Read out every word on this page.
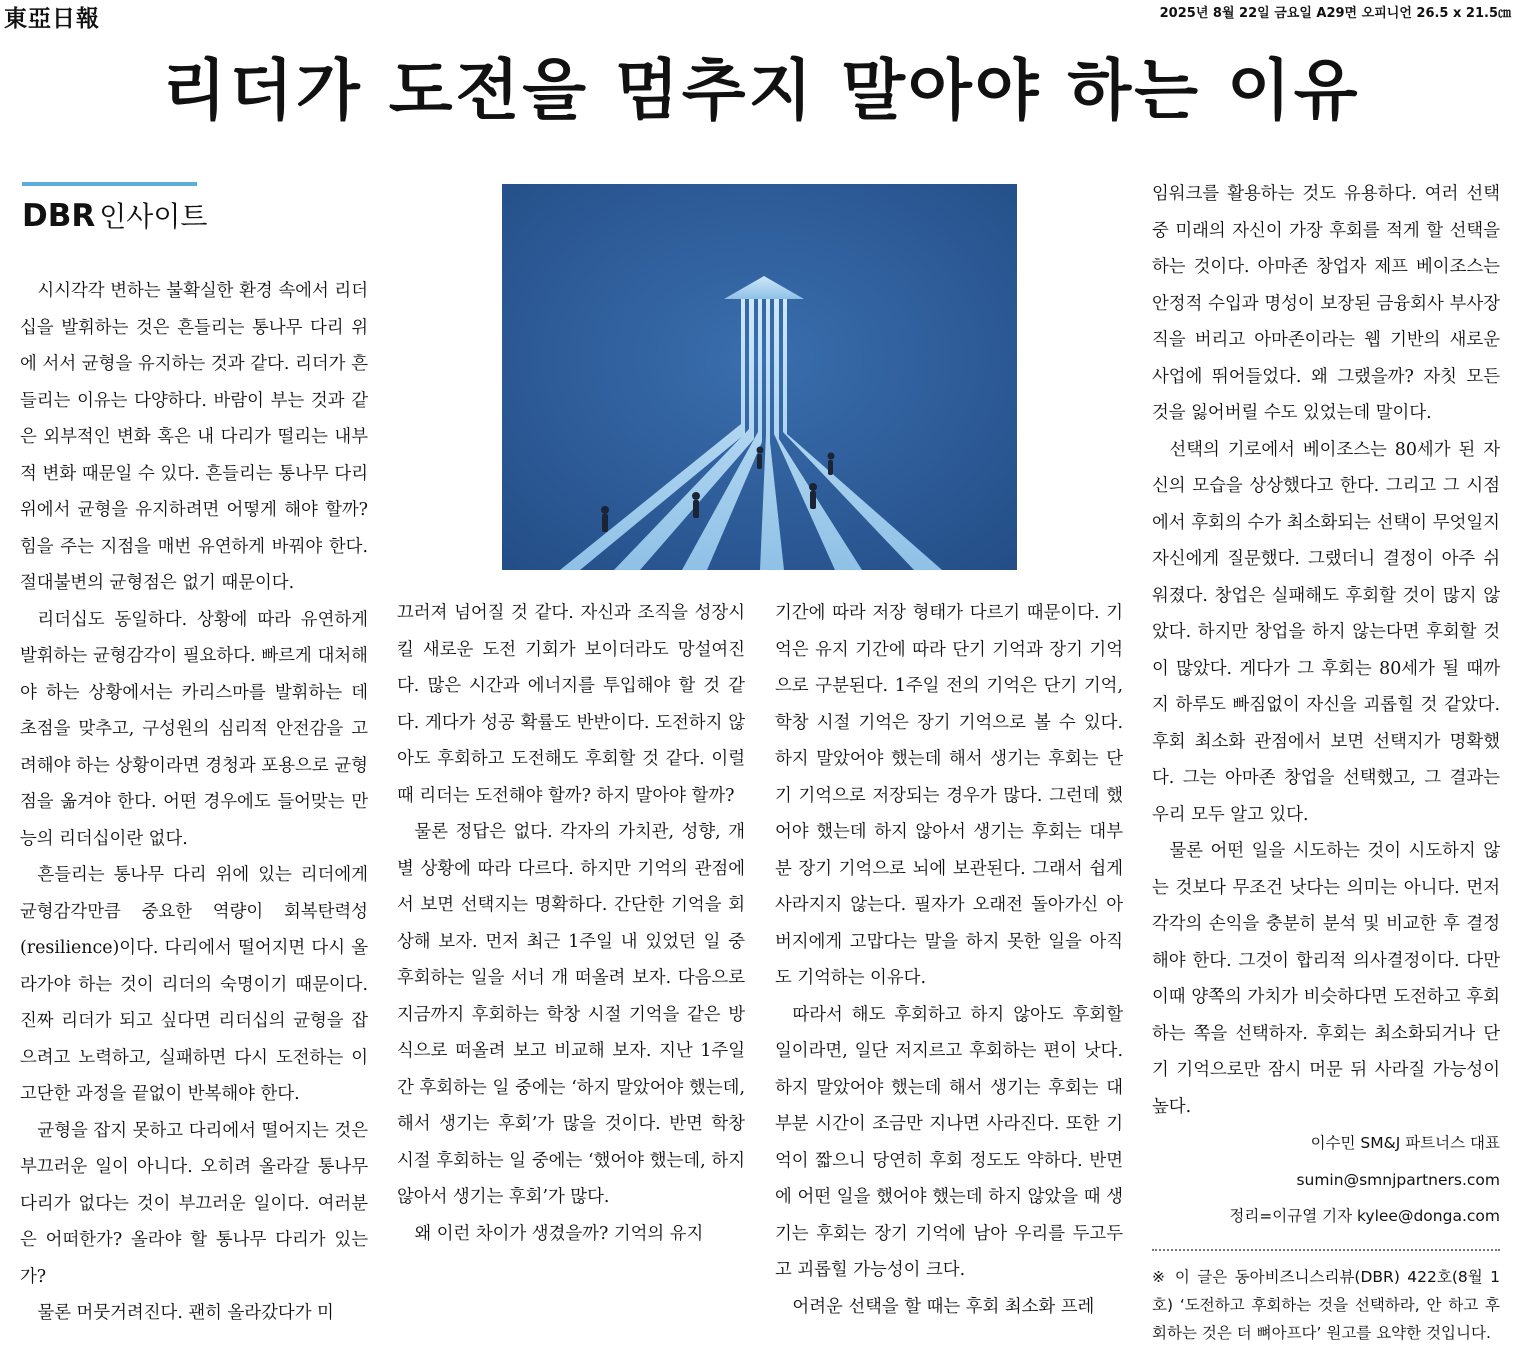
東亞日報	2025년 8월 22일 금요일 A29면 오피니언 26.5 x 21.5㎝
리더가 도전을 멈추지 말아야 하는 이유
DBR 인사이트

시시각각 변하는 불확실한 환경 속에서 리더십을 발휘하는 것은 흔들리는 통나무 다리 위에 서서 균형을 유지하는 것과 같다. 리더가 흔들리는 이유는 다양하다. 바람이 부는 것과 같은 외부적인 변화 혹은 내 다리가 떨리는 내부적 변화 때문일 수 있다. 흔들리는 통나무 다리 위에서 균형을 유지하려면 어떻게 해야 할까? 힘을 주는 지점을 매번 유연하게 바꿔야 한다. 절대불변의 균형점은 없기 때문이다.

리더십도 동일하다. 상황에 따라 유연하게 발휘하는 균형감각이 필요하다. 빠르게 대처해야 하는 상황에서는 카리스마를 발휘하는 데 초점을 맞추고, 구성원의 심리적 안전감을 고려해야 하는 상황이라면 경청과 포용으로 균형점을 옮겨야 한다. 어떤 경우에도 들어맞는 만능의 리더십이란 없다.

흔들리는 통나무 다리 위에 있는 리더에게 균형감각만큼 중요한 역량이 회복탄력성(resilience)이다. 다리에서 떨어지면 다시 올라가야 하는 것이 리더의 숙명이기 때문이다. 진짜 리더가 되고 싶다면 리더십의 균형을 잡으려고 노력하고, 실패하면 다시 도전하는 이 고단한 과정을 끝없이 반복해야 한다.

균형을 잡지 못하고 다리에서 떨어지는 것은 부끄러운 일이 아니다. 오히려 올라갈 통나무 다리가 없다는 것이 부끄러운 일이다. 여러분은 어떠한가? 올라야 할 통나무 다리가 있는가?

물론 머뭇거려진다. 괜히 올라갔다가 미

끄러져 넘어질 것 같다. 자신과 조직을 성장시킬 새로운 도전 기회가 보이더라도 망설여진다. 많은 시간과 에너지를 투입해야 할 것 같다. 게다가 성공 확률도 반반이다. 도전하지 않아도 후회하고 도전해도 후회할 것 같다. 이럴 때 리더는 도전해야 할까? 하지 말아야 할까?

물론 정답은 없다. 각자의 가치관, 성향, 개별 상황에 따라 다르다. 하지만 기억의 관점에서 보면 선택지는 명확하다. 간단한 기억을 회상해 보자. 먼저 최근 1주일 내 있었던 일 중 후회하는 일을 서너 개 떠올려 보자. 다음으로 지금까지 후회하는 학창 시절 기억을 같은 방식으로 떠올려 보고 비교해 보자. 지난 1주일간 후회하는 일 중에는 ‘하지 말았어야 했는데, 해서 생기는 후회’가 많을 것이다. 반면 학창 시절 후회하는 일 중에는 ‘했어야 했는데, 하지 않아서 생기는 후회’가 많다.

왜 이런 차이가 생겼을까? 기억의 유지

기간에 따라 저장 형태가 다르기 때문이다. 기억은 유지 기간에 따라 단기 기억과 장기 기억으로 구분된다. 1주일 전의 기억은 단기 기억, 학창 시절 기억은 장기 기억으로 볼 수 있다. 하지 말았어야 했는데 해서 생기는 후회는 단기 기억으로 저장되는 경우가 많다. 그런데 했어야 했는데 하지 않아서 생기는 후회는 대부분 장기 기억으로 뇌에 보관된다. 그래서 쉽게 사라지지 않는다. 필자가 오래전 돌아가신 아버지에게 고맙다는 말을 하지 못한 일을 아직도 기억하는 이유다.

따라서 해도 후회하고 하지 않아도 후회할 일이라면, 일단 저지르고 후회하는 편이 낫다. 하지 말았어야 했는데 해서 생기는 후회는 대부분 시간이 조금만 지나면 사라진다. 또한 기억이 짧으니 당연히 후회 정도도 약하다. 반면에 어떤 일을 했어야 했는데 하지 않았을 때 생기는 후회는 장기 기억에 남아 우리를 두고두고 괴롭힐 가능성이 크다.

어려운 선택을 할 때는 후회 최소화 프레

임워크를 활용하는 것도 유용하다. 여러 선택 중 미래의 자신이 가장 후회를 적게 할 선택을 하는 것이다. 아마존 창업자 제프 베이조스는 안정적 수입과 명성이 보장된 금융회사 부사장직을 버리고 아마존이라는 웹 기반의 새로운 사업에 뛰어들었다. 왜 그랬을까? 자칫 모든 것을 잃어버릴 수도 있었는데 말이다.

선택의 기로에서 베이조스는 80세가 된 자신의 모습을 상상했다고 한다. 그리고 그 시점에서 후회의 수가 최소화되는 선택이 무엇일지 자신에게 질문했다. 그랬더니 결정이 아주 쉬워졌다. 창업은 실패해도 후회할 것이 많지 않았다. 하지만 창업을 하지 않는다면 후회할 것이 많았다. 게다가 그 후회는 80세가 될 때까지 하루도 빠짐없이 자신을 괴롭힐 것 같았다. 후회 최소화 관점에서 보면 선택지가 명확했다. 그는 아마존 창업을 선택했고, 그 결과는 우리 모두 알고 있다.

물론 어떤 일을 시도하는 것이 시도하지 않는 것보다 무조건 낫다는 의미는 아니다. 먼저 각각의 손익을 충분히 분석 및 비교한 후 결정해야 한다. 그것이 합리적 의사결정이다. 다만 이때 양쪽의 가치가 비슷하다면 도전하고 후회하는 쪽을 선택하자. 후회는 최소화되거나 단기 기억으로만 잠시 머문 뒤 사라질 가능성이 높다.

이수민 SM&J 파트너스 대표

sumin@smnjpartners.com

정리=이규열 기자 kylee@donga.com

※ 이 글은 동아비즈니스리뷰(DBR) 422호(8월 1호) ‘도전하고 후회하는 것을 선택하라, 안 하고 후회하는 것은 더 뼈아프다’ 원고를 요약한 것입니다.
